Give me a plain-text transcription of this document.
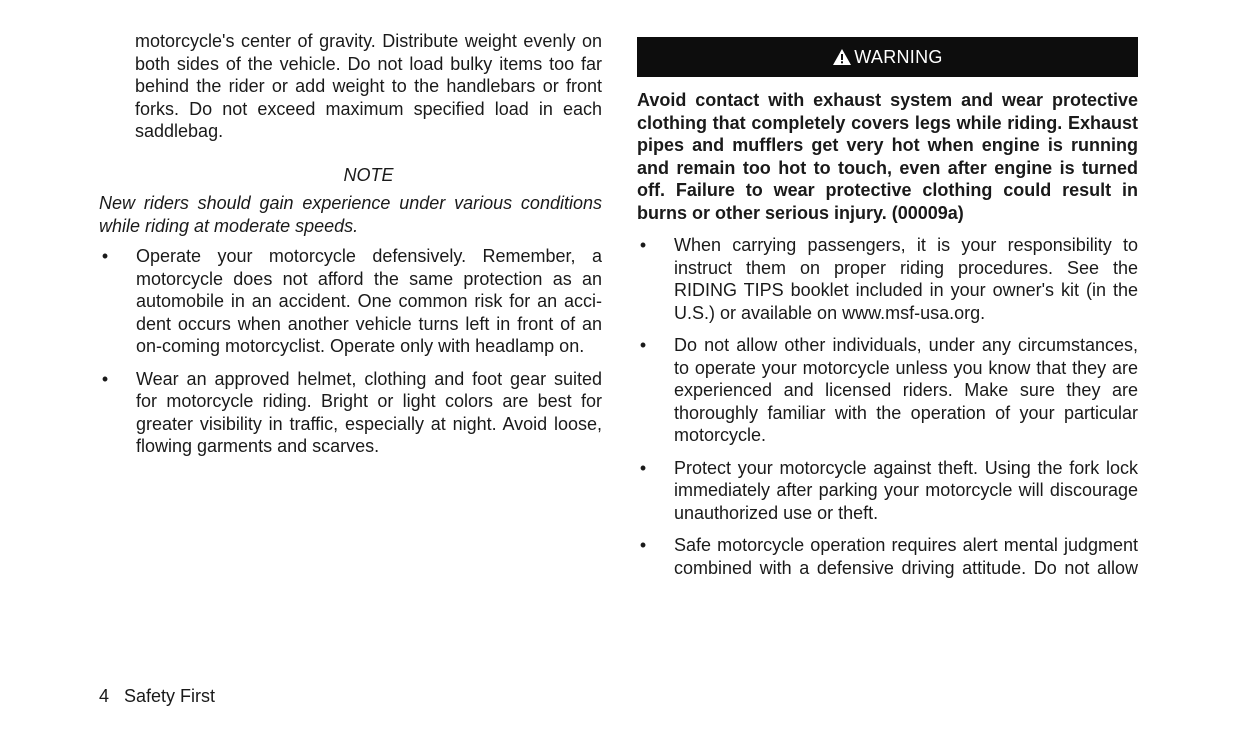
motorcycle's center of gravity. Distribute weight evenly on both sides of the vehicle. Do not load bulky items too far behind the rider or add weight to the handlebars or front forks. Do not exceed maximum specified load in each saddlebag.

NOTE

New riders should gain experience under various conditions while riding at moderate speeds.

• Operate your motorcycle defensively. Remember, a motorcycle does not afford the same protection as an automobile in an accident. One common risk for an acci- dent occurs when another vehicle turns left in front of an on-coming motorcyclist. Operate only with headlamp on.
• Wear an approved helmet, clothing and foot gear suited for motorcycle riding. Bright or light colors are best for greater visibility in traffic, especially at night. Avoid loose, flowing garments and scarves.
WARNING

Avoid contact with exhaust system and wear protective clothing that completely covers legs while riding. Exhaust pipes and mufflers get very hot when engine is running and remain too hot to touch, even after engine is turned off. Failure to wear protective clothing could result in burns or other serious injury. (00009a)

• When carrying passengers, it is your responsibility to instruct them on proper riding procedures. See the RIDING TIPS booklet included in your owner's kit (in the U.S.) or available on www.msf-usa.org.
• Do not allow other individuals, under any circumstances, to operate your motorcycle unless you know that they are experienced and licensed riders. Make sure they are thoroughly familiar with the operation of your particular motorcycle.
• Protect your motorcycle against theft. Using the fork lock immediately after parking your motorcycle will discourage unauthorized use or theft.
• Safe motorcycle operation requires alert mental judgment combined with a defensive driving attitude. Do not allow
4 Safety First
